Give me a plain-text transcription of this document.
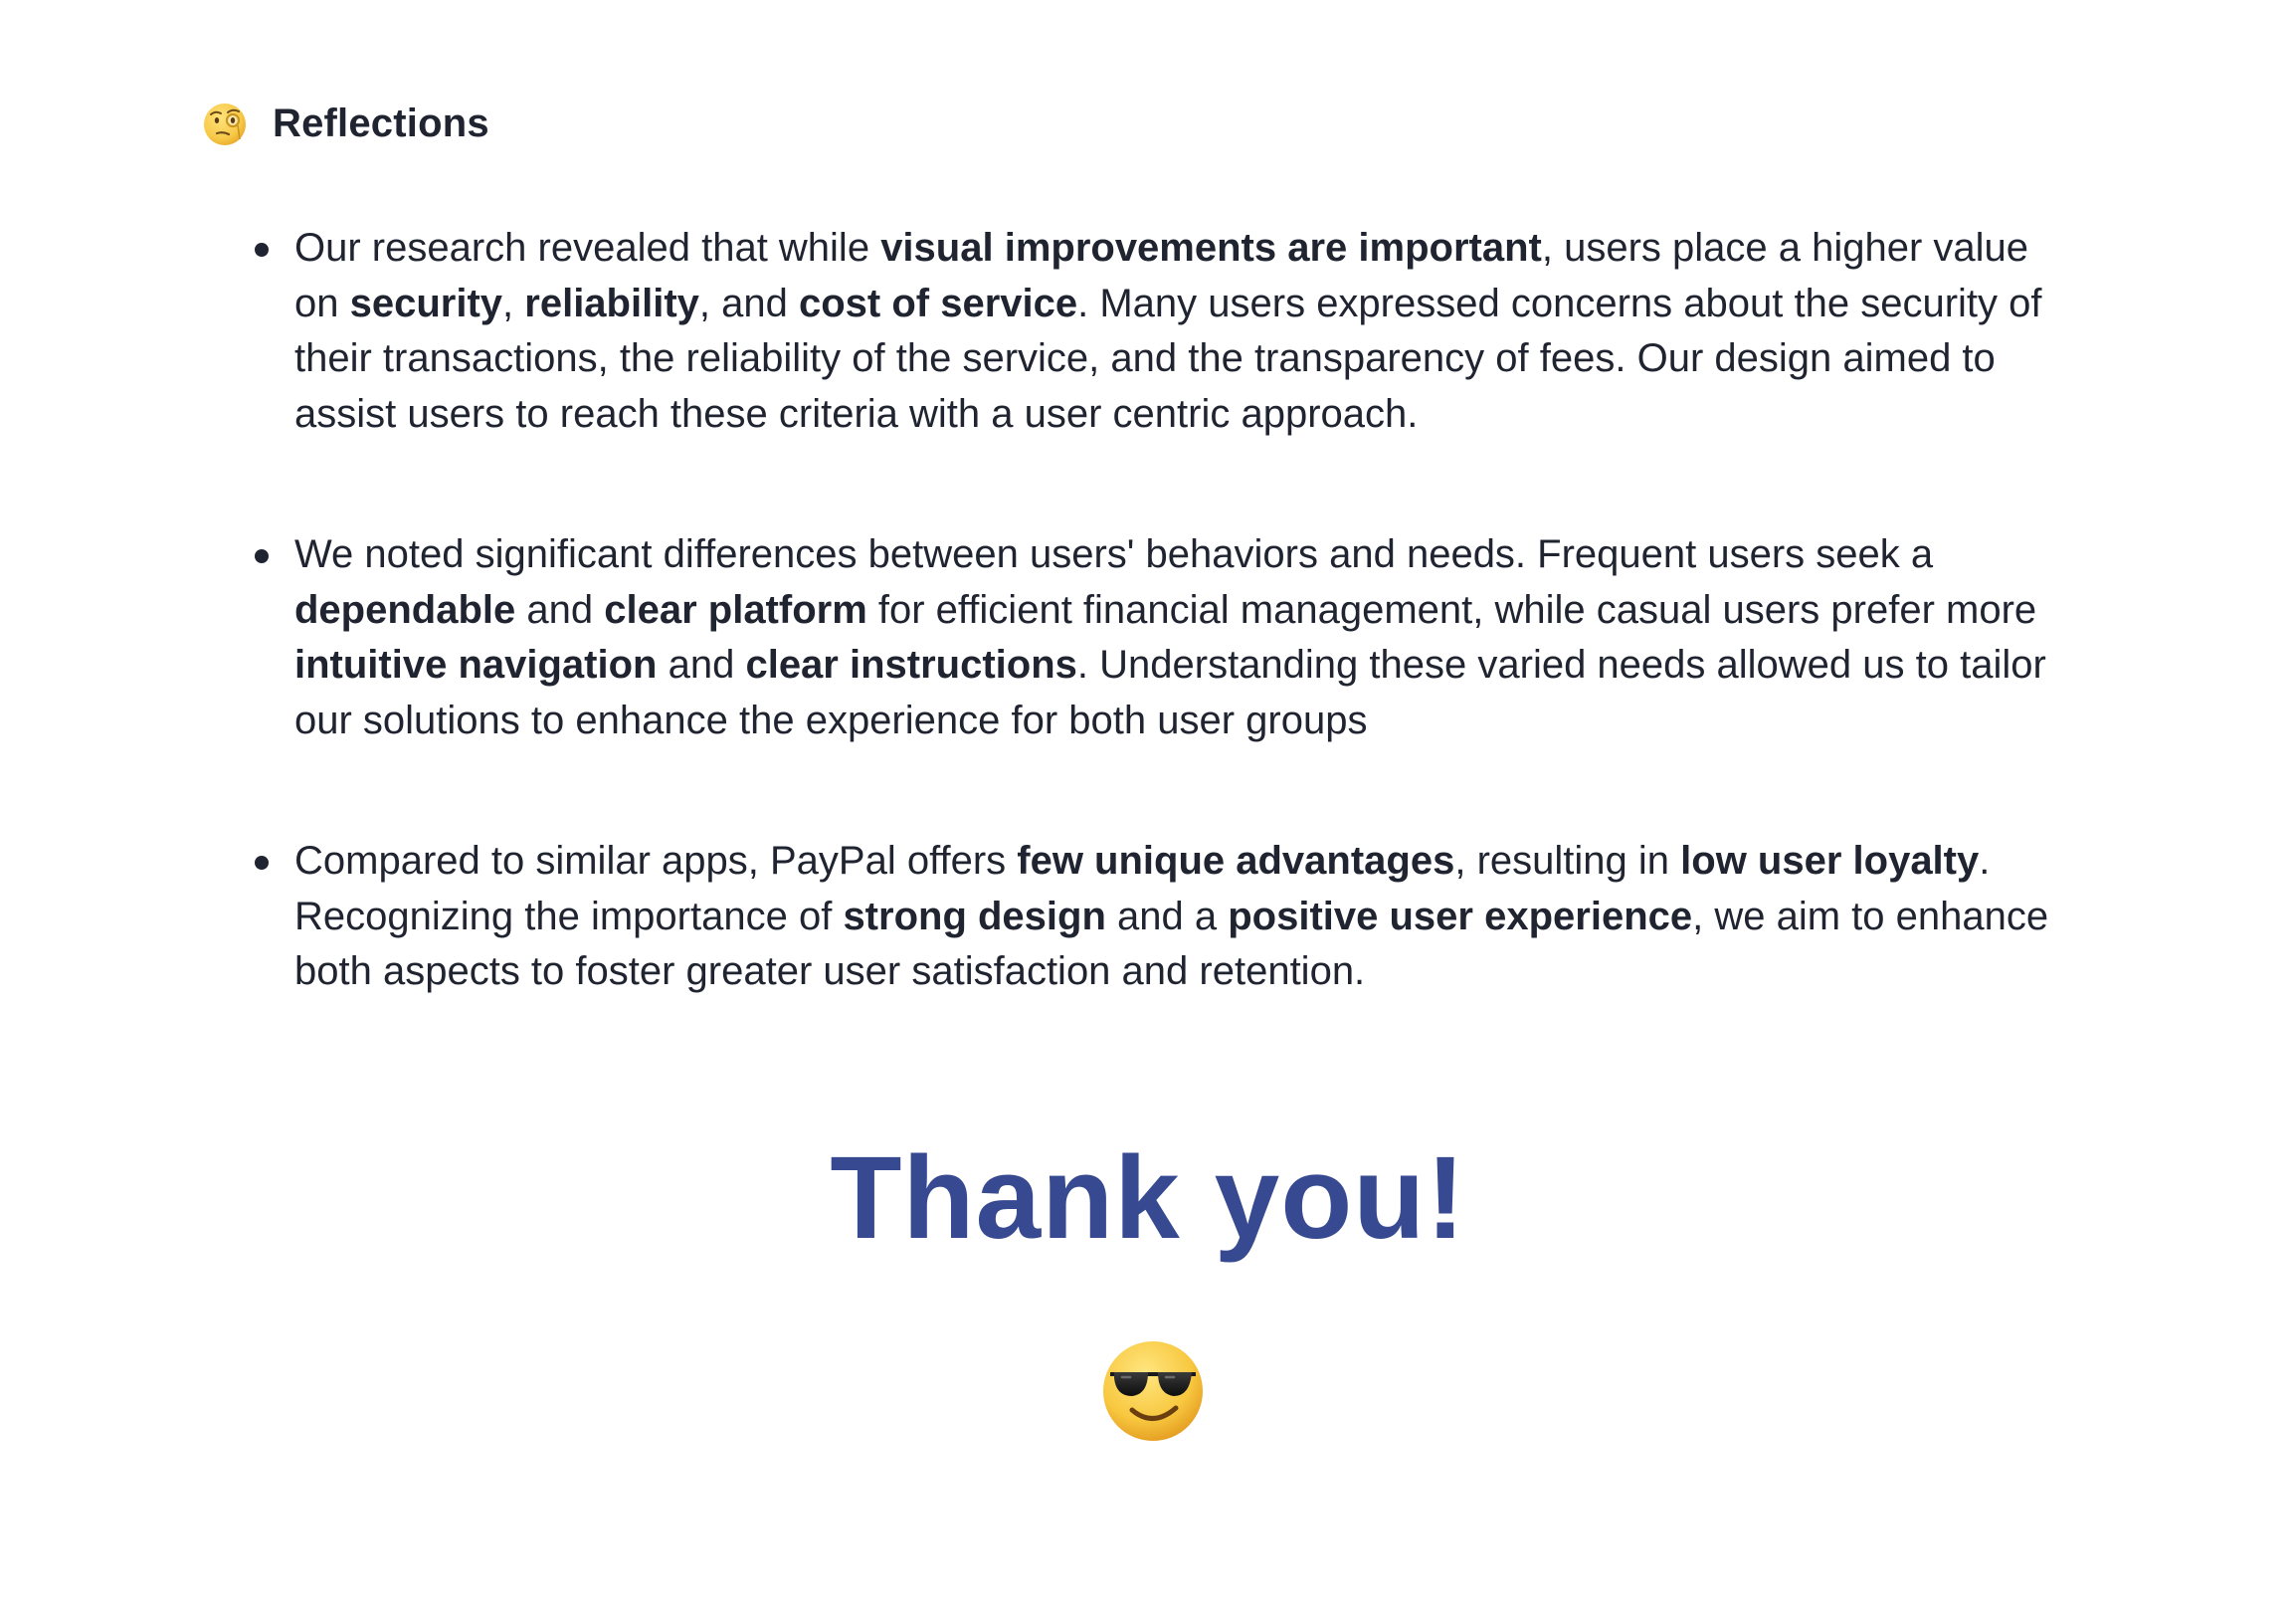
Reflections
Our research revealed that while visual improvements are important, users place a higher value on security, reliability, and cost of service. Many users expressed concerns about the security of their transactions, the reliability of the service, and the transparency of fees. Our design aimed to assist users to reach these criteria with a user centric approach.
We noted significant differences between users' behaviors and needs. Frequent users seek a dependable and clear platform for efficient financial management, while casual users prefer more intuitive navigation and clear instructions. Understanding these varied needs allowed us to tailor our solutions to enhance the experience for both user groups
Compared to similar apps, PayPal offers few unique advantages, resulting in low user loyalty. Recognizing the importance of strong design and a positive user experience, we aim to enhance both aspects to foster greater user satisfaction and retention.
Thank you!
